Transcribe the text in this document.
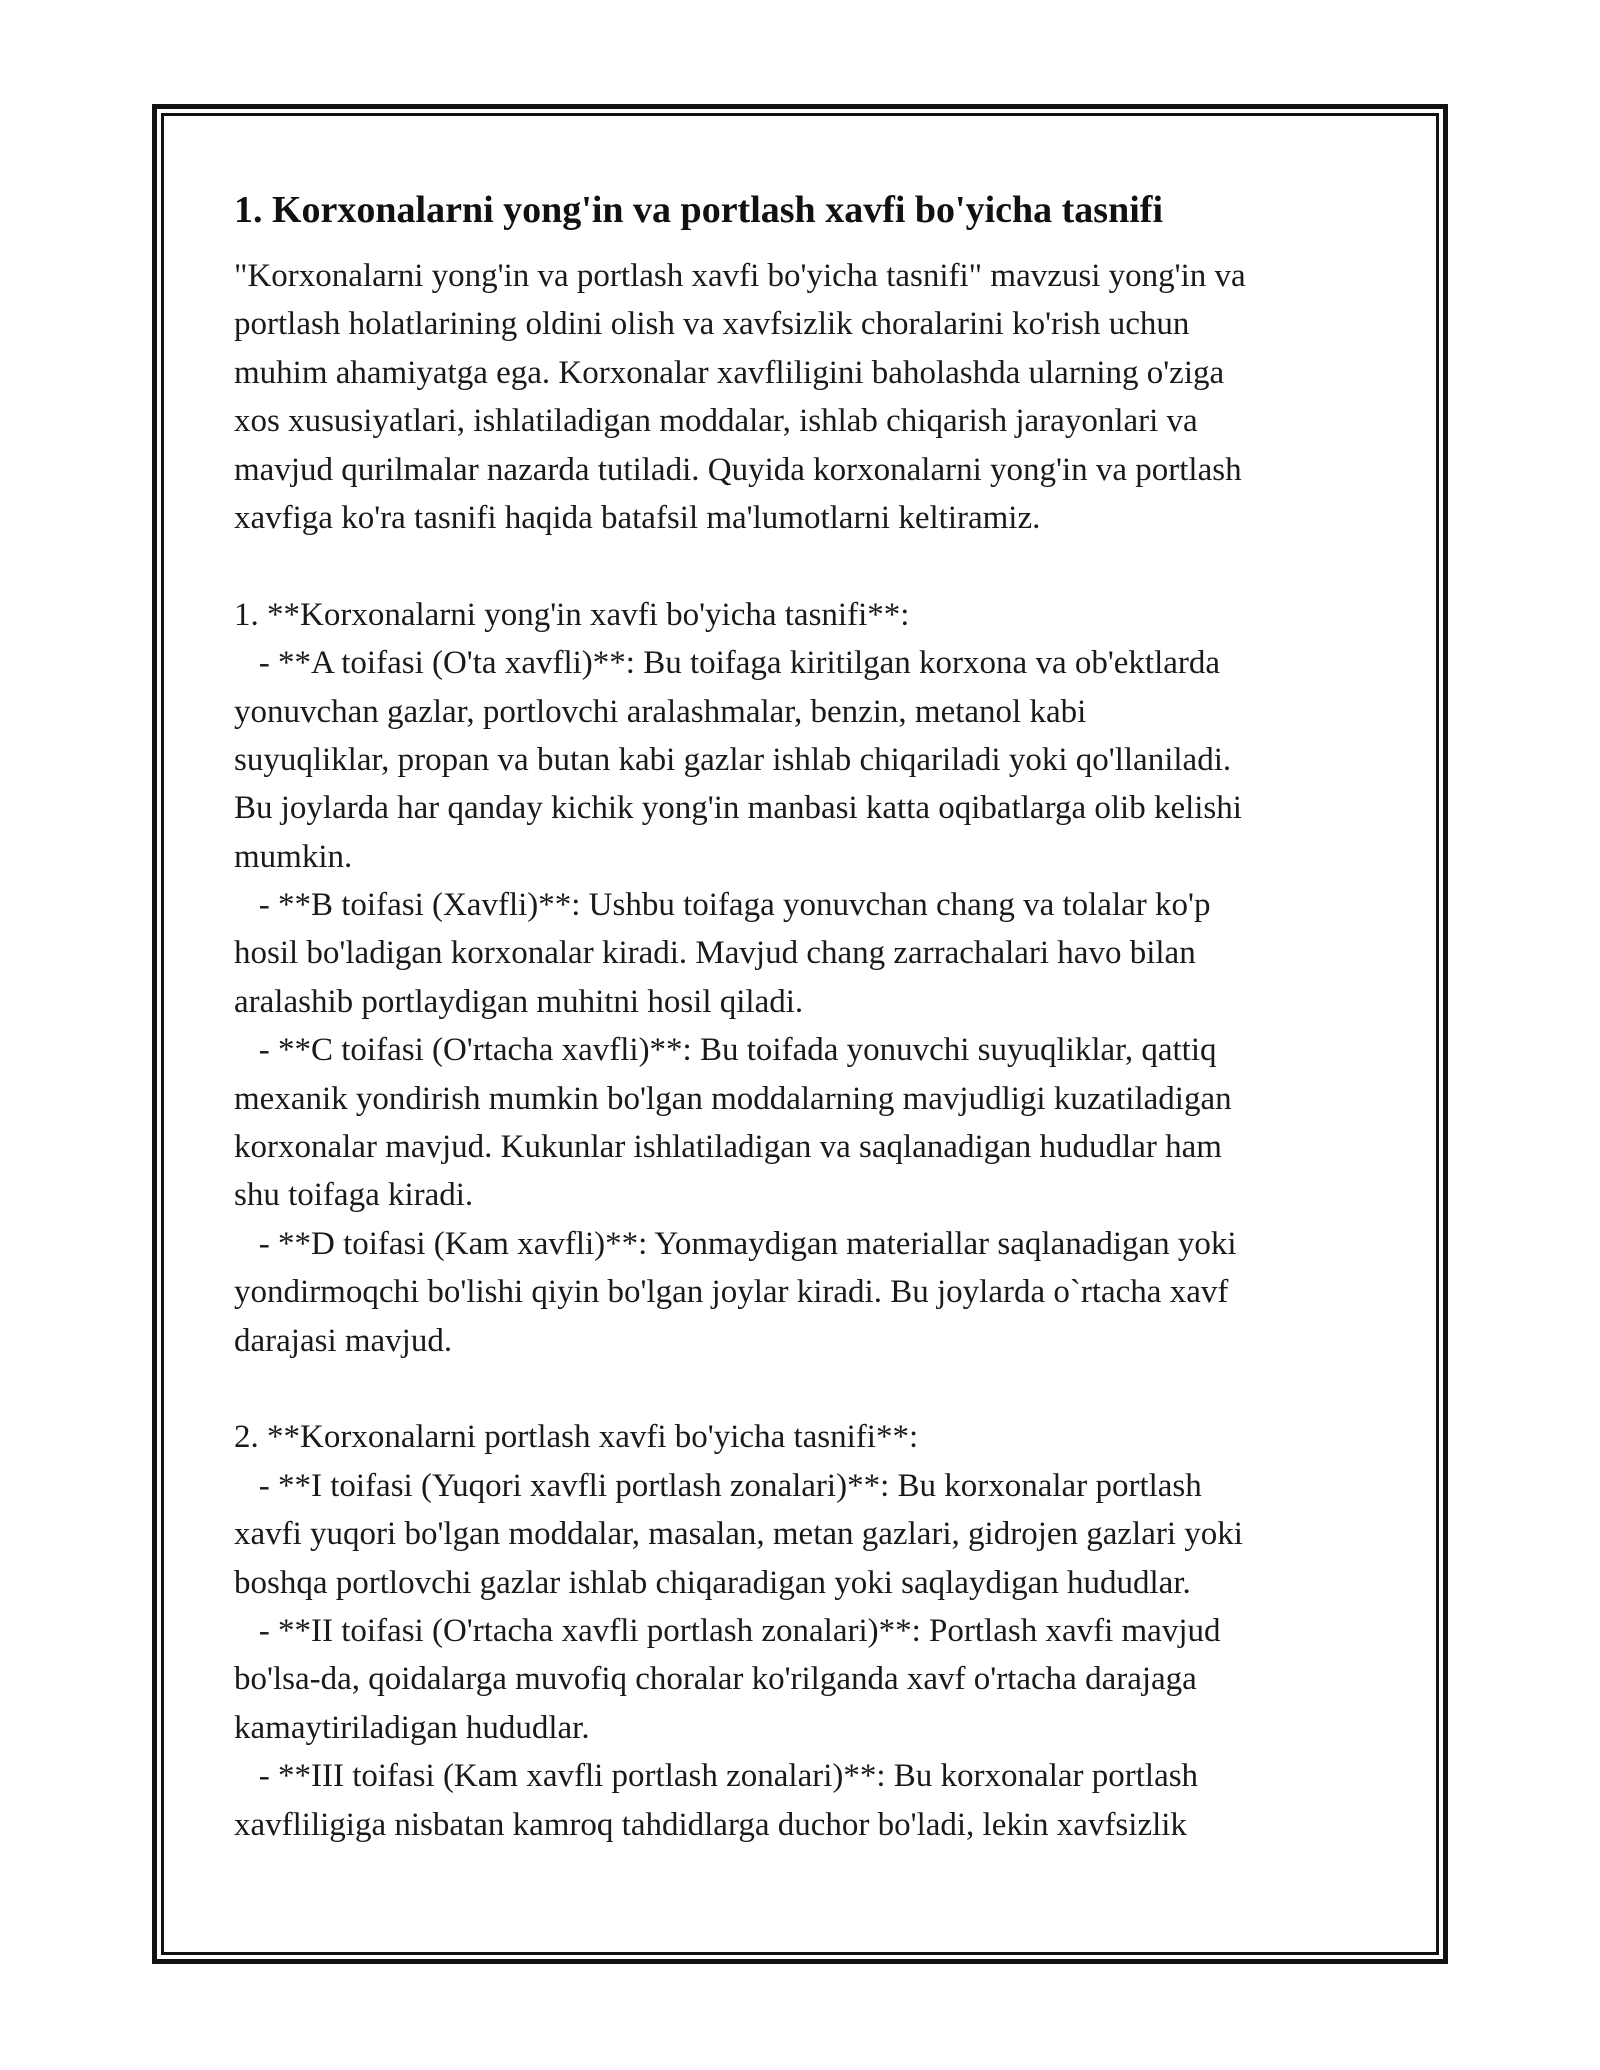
1. Korxonalarni yong'in va portlash xavfi bo'yicha tasnifi

"Korxonalarni yong'in va portlash xavfi bo'yicha tasnifi" mavzusi yong'in va

portlash holatlarining oldini olish va xavfsizlik choralarini ko'rish uchun

muhim ahamiyatga ega. Korxonalar xavfliligini baholashda ularning o'ziga

xos xususiyatlari, ishlatiladigan moddalar, ishlab chiqarish jarayonlari va

mavjud qurilmalar nazarda tutiladi. Quyida korxonalarni yong'in va portlash

xavfiga ko'ra tasnifi haqida batafsil ma'lumotlarni keltiramiz.

1. **Korxonalarni yong'in xavfi bo'yicha tasnifi**:

- **A toifasi (O'ta xavfli)**: Bu toifaga kiritilgan korxona va ob'ektlarda

yonuvchan gazlar, portlovchi aralashmalar, benzin, metanol kabi

suyuqliklar, propan va butan kabi gazlar ishlab chiqariladi yoki qo'llaniladi.

Bu joylarda har qanday kichik yong'in manbasi katta oqibatlarga olib kelishi

mumkin.

- **B toifasi (Xavfli)**: Ushbu toifaga yonuvchan chang va tolalar ko'p

hosil bo'ladigan korxonalar kiradi. Mavjud chang zarrachalari havo bilan

aralashib portlaydigan muhitni hosil qiladi.

- **C toifasi (O'rtacha xavfli)**: Bu toifada yonuvchi suyuqliklar, qattiq

mexanik yondirish mumkin bo'lgan moddalarning mavjudligi kuzatiladigan

korxonalar mavjud. Kukunlar ishlatiladigan va saqlanadigan hududlar ham

shu toifaga kiradi.

- **D toifasi (Kam xavfli)**: Yonmaydigan materiallar saqlanadigan yoki

yondirmoqchi bo'lishi qiyin bo'lgan joylar kiradi. Bu joylarda o`rtacha xavf

darajasi mavjud.

2. **Korxonalarni portlash xavfi bo'yicha tasnifi**:

- **I toifasi (Yuqori xavfli portlash zonalari)**: Bu korxonalar portlash

xavfi yuqori bo'lgan moddalar, masalan, metan gazlari, gidrojen gazlari yoki

boshqa portlovchi gazlar ishlab chiqaradigan yoki saqlaydigan hududlar.

- **II toifasi (O'rtacha xavfli portlash zonalari)**: Portlash xavfi mavjud

bo'lsa-da, qoidalarga muvofiq choralar ko'rilganda xavf o'rtacha darajaga

kamaytiriladigan hududlar.

- **III toifasi (Kam xavfli portlash zonalari)**: Bu korxonalar portlash

xavfliligiga nisbatan kamroq tahdidlarga duchor bo'ladi, lekin xavfsizlik
